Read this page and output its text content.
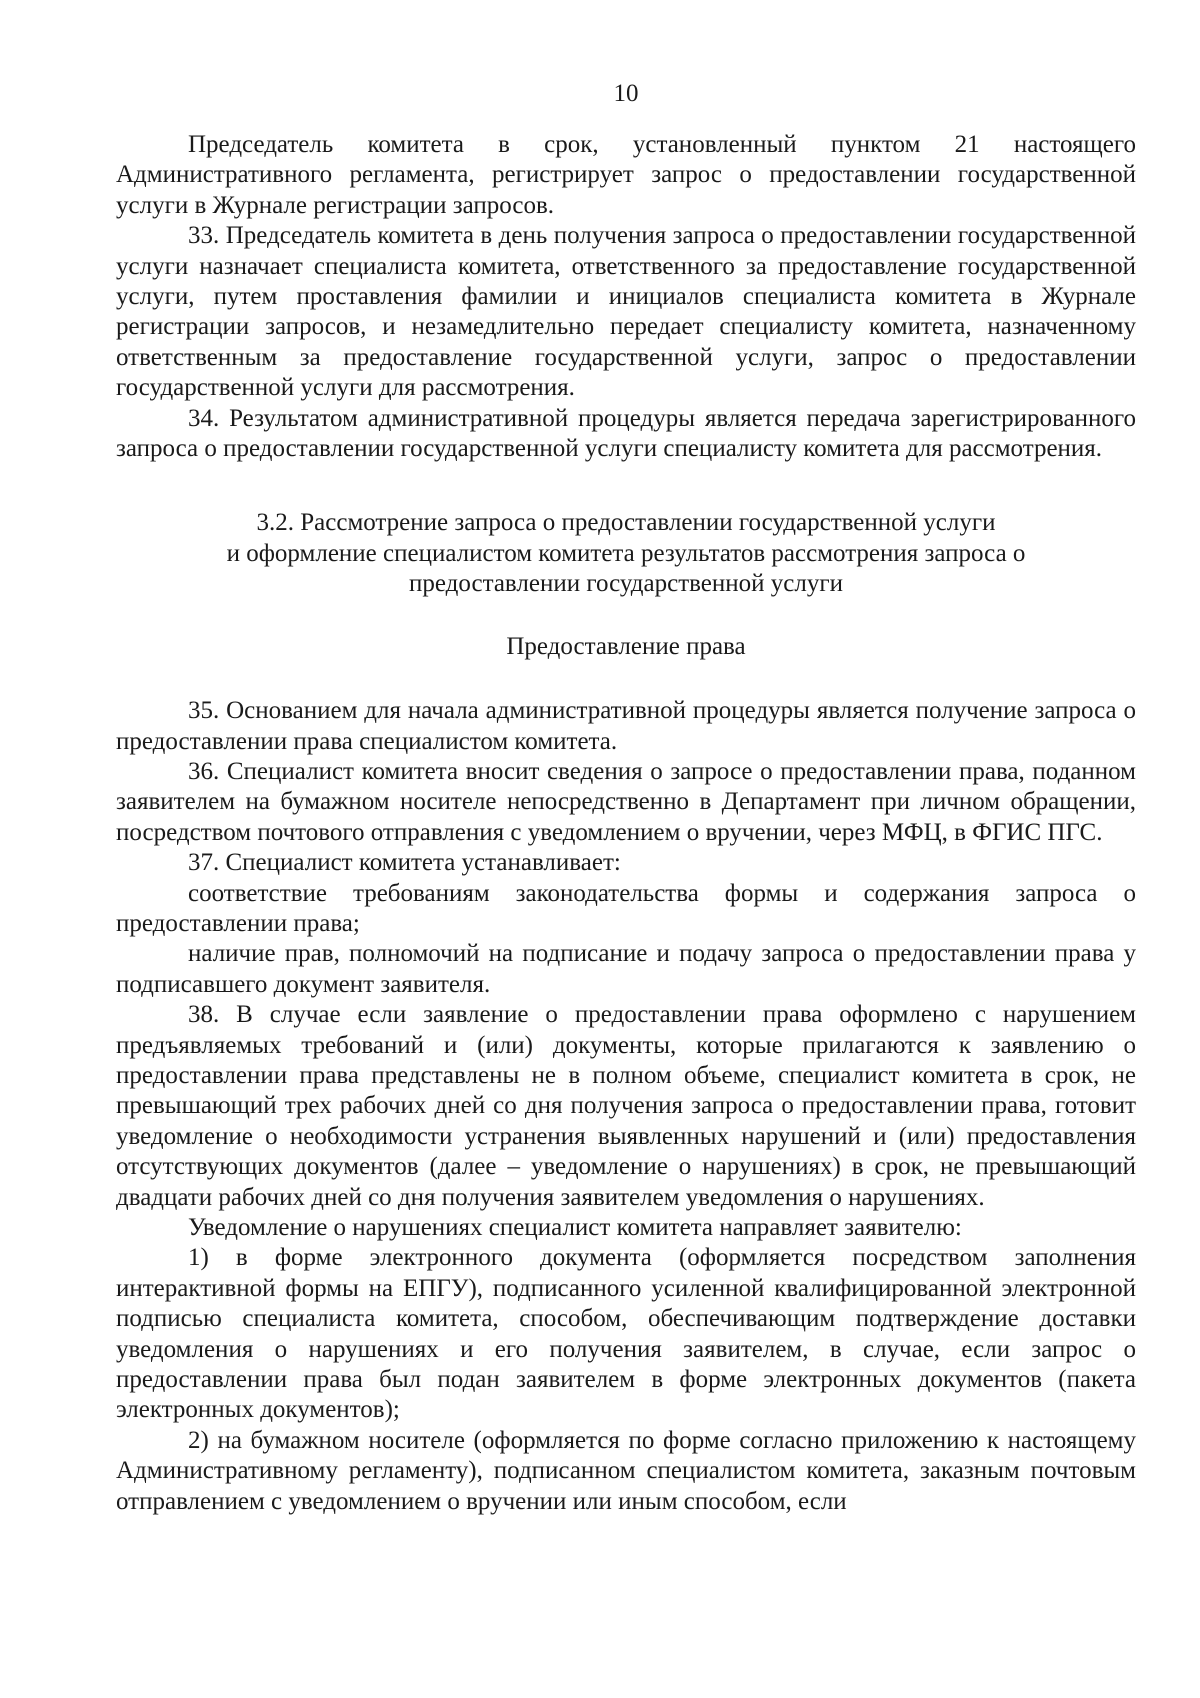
10

Председатель комитета в срок, установленный пунктом 21 настоящего Административного регламента, регистрирует запрос о предоставлении государственной услуги в Журнале регистрации запросов.

33. Председатель комитета в день получения запроса о предоставлении государственной услуги назначает специалиста комитета, ответственного за предоставление государственной услуги, путем проставления фамилии и инициалов специалиста комитета в Журнале регистрации запросов, и незамедлительно передает специалисту комитета, назначенному ответственным за предоставление государственной услуги, запрос о предоставлении государственной услуги для рассмотрения.

34. Результатом административной процедуры является передача зарегистрированного запроса о предоставлении государственной услуги специалисту комитета для рассмотрения.

3.2. Рассмотрение запроса о предоставлении государственной услуги
и оформление специалистом комитета результатов рассмотрения запроса о
предоставлении государственной услуги
Предоставление права

35. Основанием для начала административной процедуры является получение запроса о предоставлении права специалистом комитета.

36. Специалист комитета вносит сведения о запросе о предоставлении права, поданном заявителем на бумажном носителе непосредственно в Департамент при личном обращении, посредством почтового отправления с уведомлением о вручении, через МФЦ, в ФГИС ПГС.

37. Специалист комитета устанавливает:

соответствие требованиям законодательства формы и содержания запроса о предоставлении права;

наличие прав, полномочий на подписание и подачу запроса о предоставлении права у подписавшего документ заявителя.

38. В случае если заявление о предоставлении права оформлено с нарушением предъявляемых требований и (или) документы, которые прилагаются к заявлению о предоставлении права представлены не в полном объеме, специалист комитета в срок, не превышающий трех рабочих дней со дня получения запроса о предоставлении права, готовит уведомление о необходимости устранения выявленных нарушений и (или) предоставления отсутствующих документов (далее – уведомление о нарушениях) в срок, не превышающий двадцати рабочих дней со дня получения заявителем уведомления о нарушениях.

Уведомление о нарушениях специалист комитета направляет заявителю:

1) в форме электронного документа (оформляется посредством заполнения интерактивной формы на ЕПГУ), подписанного усиленной квалифицированной электронной подписью специалиста комитета, способом, обеспечивающим подтверждение доставки уведомления о нарушениях и его получения заявителем, в случае, если запрос о предоставлении права был подан заявителем в форме электронных документов (пакета электронных документов);

2) на бумажном носителе (оформляется по форме согласно приложению к настоящему Административному регламенту), подписанном специалистом комитета, заказным почтовым отправлением с уведомлением о вручении или иным способом, если
